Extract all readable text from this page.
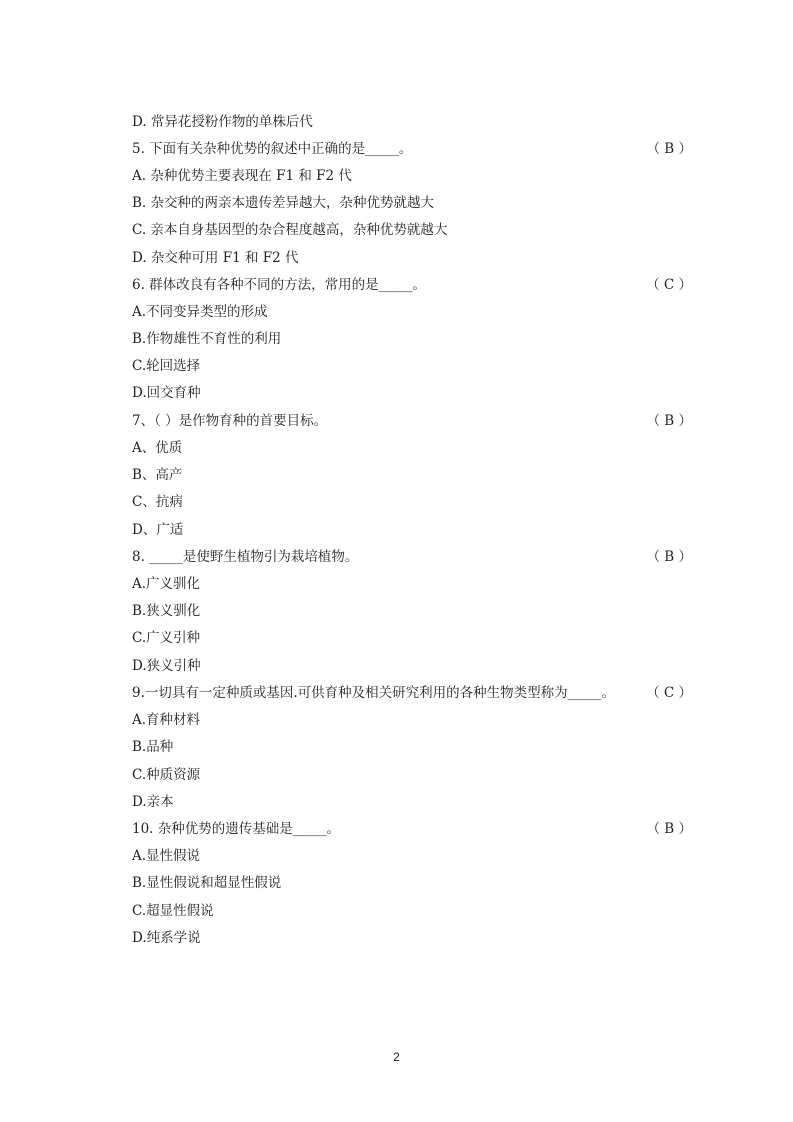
D. 常异花授粉作物的单株后代
5. 下面有关杂种优势的叙述中正确的是_____。	（ B ）
A. 杂种优势主要表现在 F1 和 F2 代
B. 杂交种的两亲本遗传差异越大，杂种优势就越大
C. 亲本自身基因型的杂合程度越高，杂种优势就越大
D. 杂交种可用 F1 和 F2 代
6. 群体改良有各种不同的方法，常用的是_____。	（ C ）
A.不同变异类型的形成
B.作物雄性不育性的利用
C.轮回选择
D.回交育种
7、（ ）是作物育种的首要目标。	（ B ）
A、优质
B、高产
C、抗病
D、广适
8. _____是使野生植物引为栽培植物。	（ B ）
A.广义驯化
B.狭义驯化
C.广义引种
D.狭义引种
9.一切具有一定种质或基因.可供育种及相关研究利用的各种生物类型称为_____。 （ C ）
A.育种材料
B.品种
C.种质资源
D.亲本
10. 杂种优势的遗传基础是_____。	（ B ）
A.显性假说
B.显性假说和超显性假说
C.超显性假说
D.纯系学说
2
